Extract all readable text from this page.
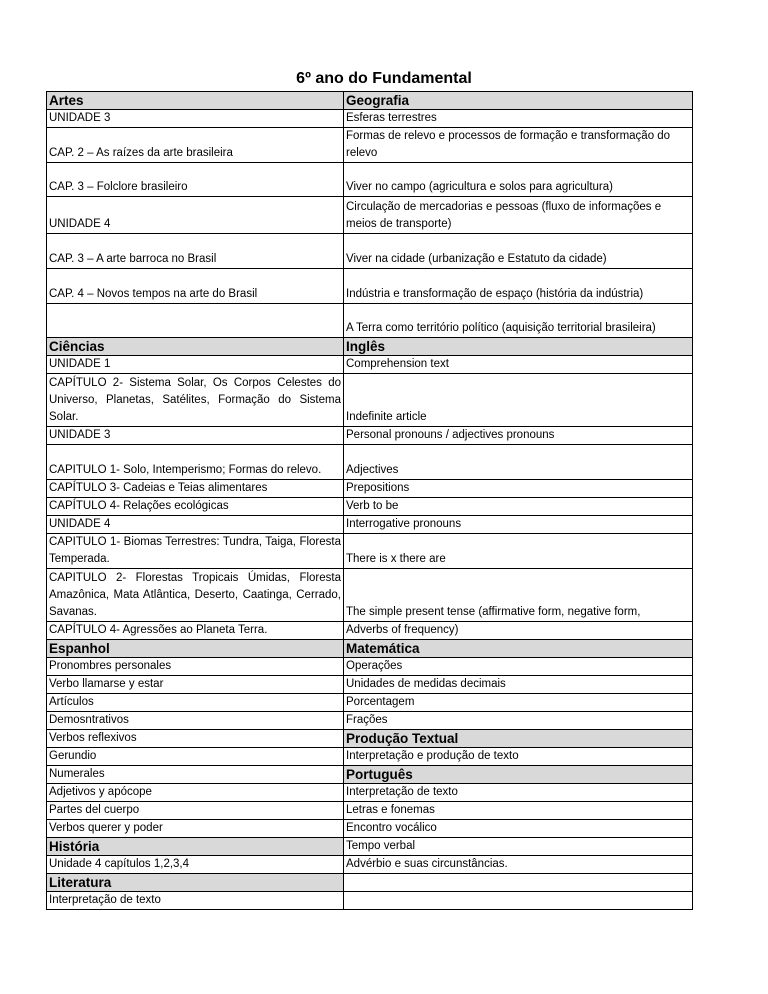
6º ano do Fundamental
Artes	Geografia
UNIDADE 3	Esferas terrestres
CAP. 2 – As raízes da arte brasileira	Formas de relevo e processos de formação e transformação do relevo
CAP. 3 – Folclore brasileiro	Viver no campo (agricultura e solos para agricultura)
UNIDADE 4	Circulação de mercadorias e pessoas (fluxo de informações e meios de transporte)
CAP. 3 – A arte barroca no Brasil	Viver na cidade (urbanização e Estatuto da cidade)
CAP. 4 – Novos tempos na arte do Brasil	Indústria e transformação de espaço (história da indústria)
	A Terra como território político (aquisição territorial brasileira)
Ciências	Inglês
UNIDADE 1	Comprehension text
CAPÍTULO 2- Sistema Solar, Os Corpos Celestes do Universo, Planetas, Satélites, Formação do Sistema Solar.	Indefinite article
UNIDADE 3	Personal pronouns / adjectives pronouns
CAPITULO 1- Solo, Intemperismo; Formas do relevo.	Adjectives
CAPÍTULO 3- Cadeias e Teias alimentares	Prepositions
CAPÍTULO 4- Relações ecológicas	Verb to be
UNIDADE 4	Interrogative pronouns
CAPITULO 1- Biomas Terrestres: Tundra, Taiga, Floresta Temperada.	There is x there are
CAPITULO 2- Florestas Tropicais Úmidas, Floresta Amazônica, Mata Atlântica, Deserto, Caatinga, Cerrado, Savanas.	The simple present tense (affirmative form, negative form,
CAPÍTULO 4- Agressões ao Planeta Terra.	Adverbs of frequency)
Espanhol	Matemática
Pronombres personales	Operações
Verbo llamarse y estar	Unidades de medidas decimais
Artículos	Porcentagem
Demosntrativos	Frações
Verbos reflexivos	Produção Textual
Gerundio	Interpretação e produção de texto
Numerales	Português
Adjetivos y apócope	Interpretação de texto
Partes del cuerpo	Letras e fonemas
Verbos querer y poder	Encontro vocálico
História	Tempo verbal
Unidade 4 capítulos 1,2,3,4	Advérbio e suas circunstâncias.
Literatura	
Interpretação de texto	
